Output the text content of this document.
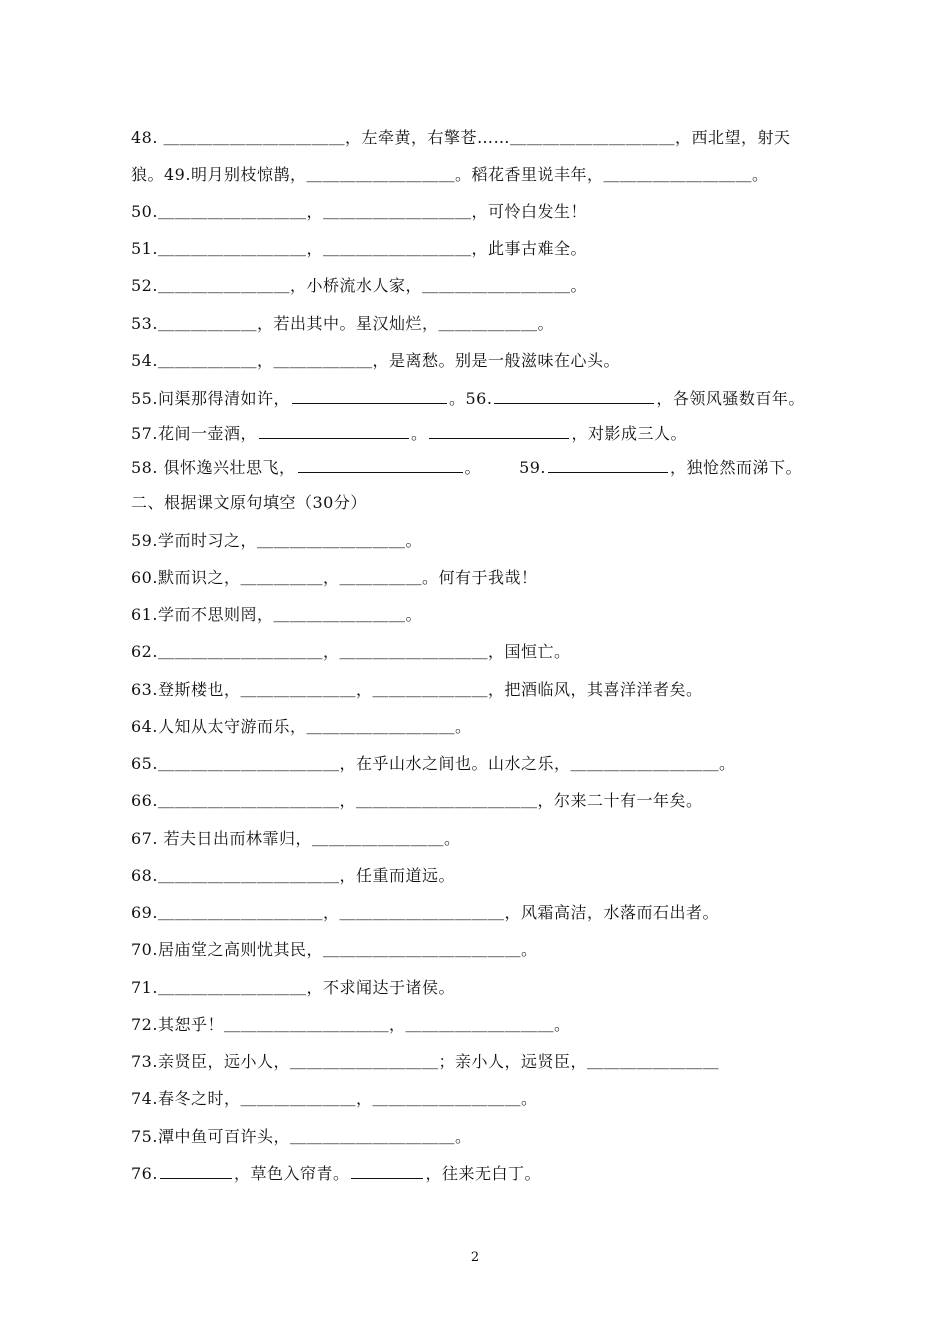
48. ＿＿＿＿＿＿＿＿＿＿＿，左牵黄，右擎苍……＿＿＿＿＿＿＿＿＿＿，西北望，射天
狼。49.明月别枝惊鹊，＿＿＿＿＿＿＿＿＿。稻花香里说丰年，＿＿＿＿＿＿＿＿＿。
50.＿＿＿＿＿＿＿＿＿，＿＿＿＿＿＿＿＿＿，可怜白发生！
51.＿＿＿＿＿＿＿＿＿，＿＿＿＿＿＿＿＿＿，此事古难全。
52.＿＿＿＿＿＿＿＿，小桥流水人家，＿＿＿＿＿＿＿＿＿。
53.＿＿＿＿＿＿，若出其中。星汉灿烂，＿＿＿＿＿＿。
54.＿＿＿＿＿＿，＿＿＿＿＿＿，是离愁。别是一般滋味在心头。
55.问渠那得清如许，	。56.	，各领风骚数百年。
57.花间一壶酒，	。	，对影成三人。
58. 俱怀逸兴壮思飞，	。 59.	，独怆然而涕下。
二、根据课文原句填空（30分）
59.学而时习之，＿＿＿＿＿＿＿＿＿。
60.默而识之，＿＿＿＿＿，＿＿＿＿＿。何有于我哉！
61.学而不思则罔，＿＿＿＿＿＿＿＿。
62.＿＿＿＿＿＿＿＿＿＿，＿＿＿＿＿＿＿＿＿，国恒亡。
63.登斯楼也，＿＿＿＿＿＿＿，＿＿＿＿＿＿＿，把酒临风，其喜洋洋者矣。
64.人知从太守游而乐，＿＿＿＿＿＿＿＿＿。
65.＿＿＿＿＿＿＿＿＿＿＿，在乎山水之间也。山水之乐，＿＿＿＿＿＿＿＿＿。
66.＿＿＿＿＿＿＿＿＿＿＿，＿＿＿＿＿＿＿＿＿＿＿，尔来二十有一年矣。
67. 若夫日出而林霏归，＿＿＿＿＿＿＿＿。
68.＿＿＿＿＿＿＿＿＿＿＿，任重而道远。
69.＿＿＿＿＿＿＿＿＿＿，＿＿＿＿＿＿＿＿＿＿，风霜高洁，水落而石出者。
70.居庙堂之高则忧其民，＿＿＿＿＿＿＿＿＿＿＿＿。
71.＿＿＿＿＿＿＿＿＿，不求闻达于诸侯。
72.其恕乎！＿＿＿＿＿＿＿＿＿＿，＿＿＿＿＿＿＿＿＿。
73.亲贤臣，远小人，＿＿＿＿＿＿＿＿＿；亲小人，远贤臣，＿＿＿＿＿＿＿＿
74.春冬之时，＿＿＿＿＿＿＿，＿＿＿＿＿＿＿＿＿。
75.潭中鱼可百许头，＿＿＿＿＿＿＿＿＿＿。
76.	，草色入帘青。	，往来无白丁。
2
